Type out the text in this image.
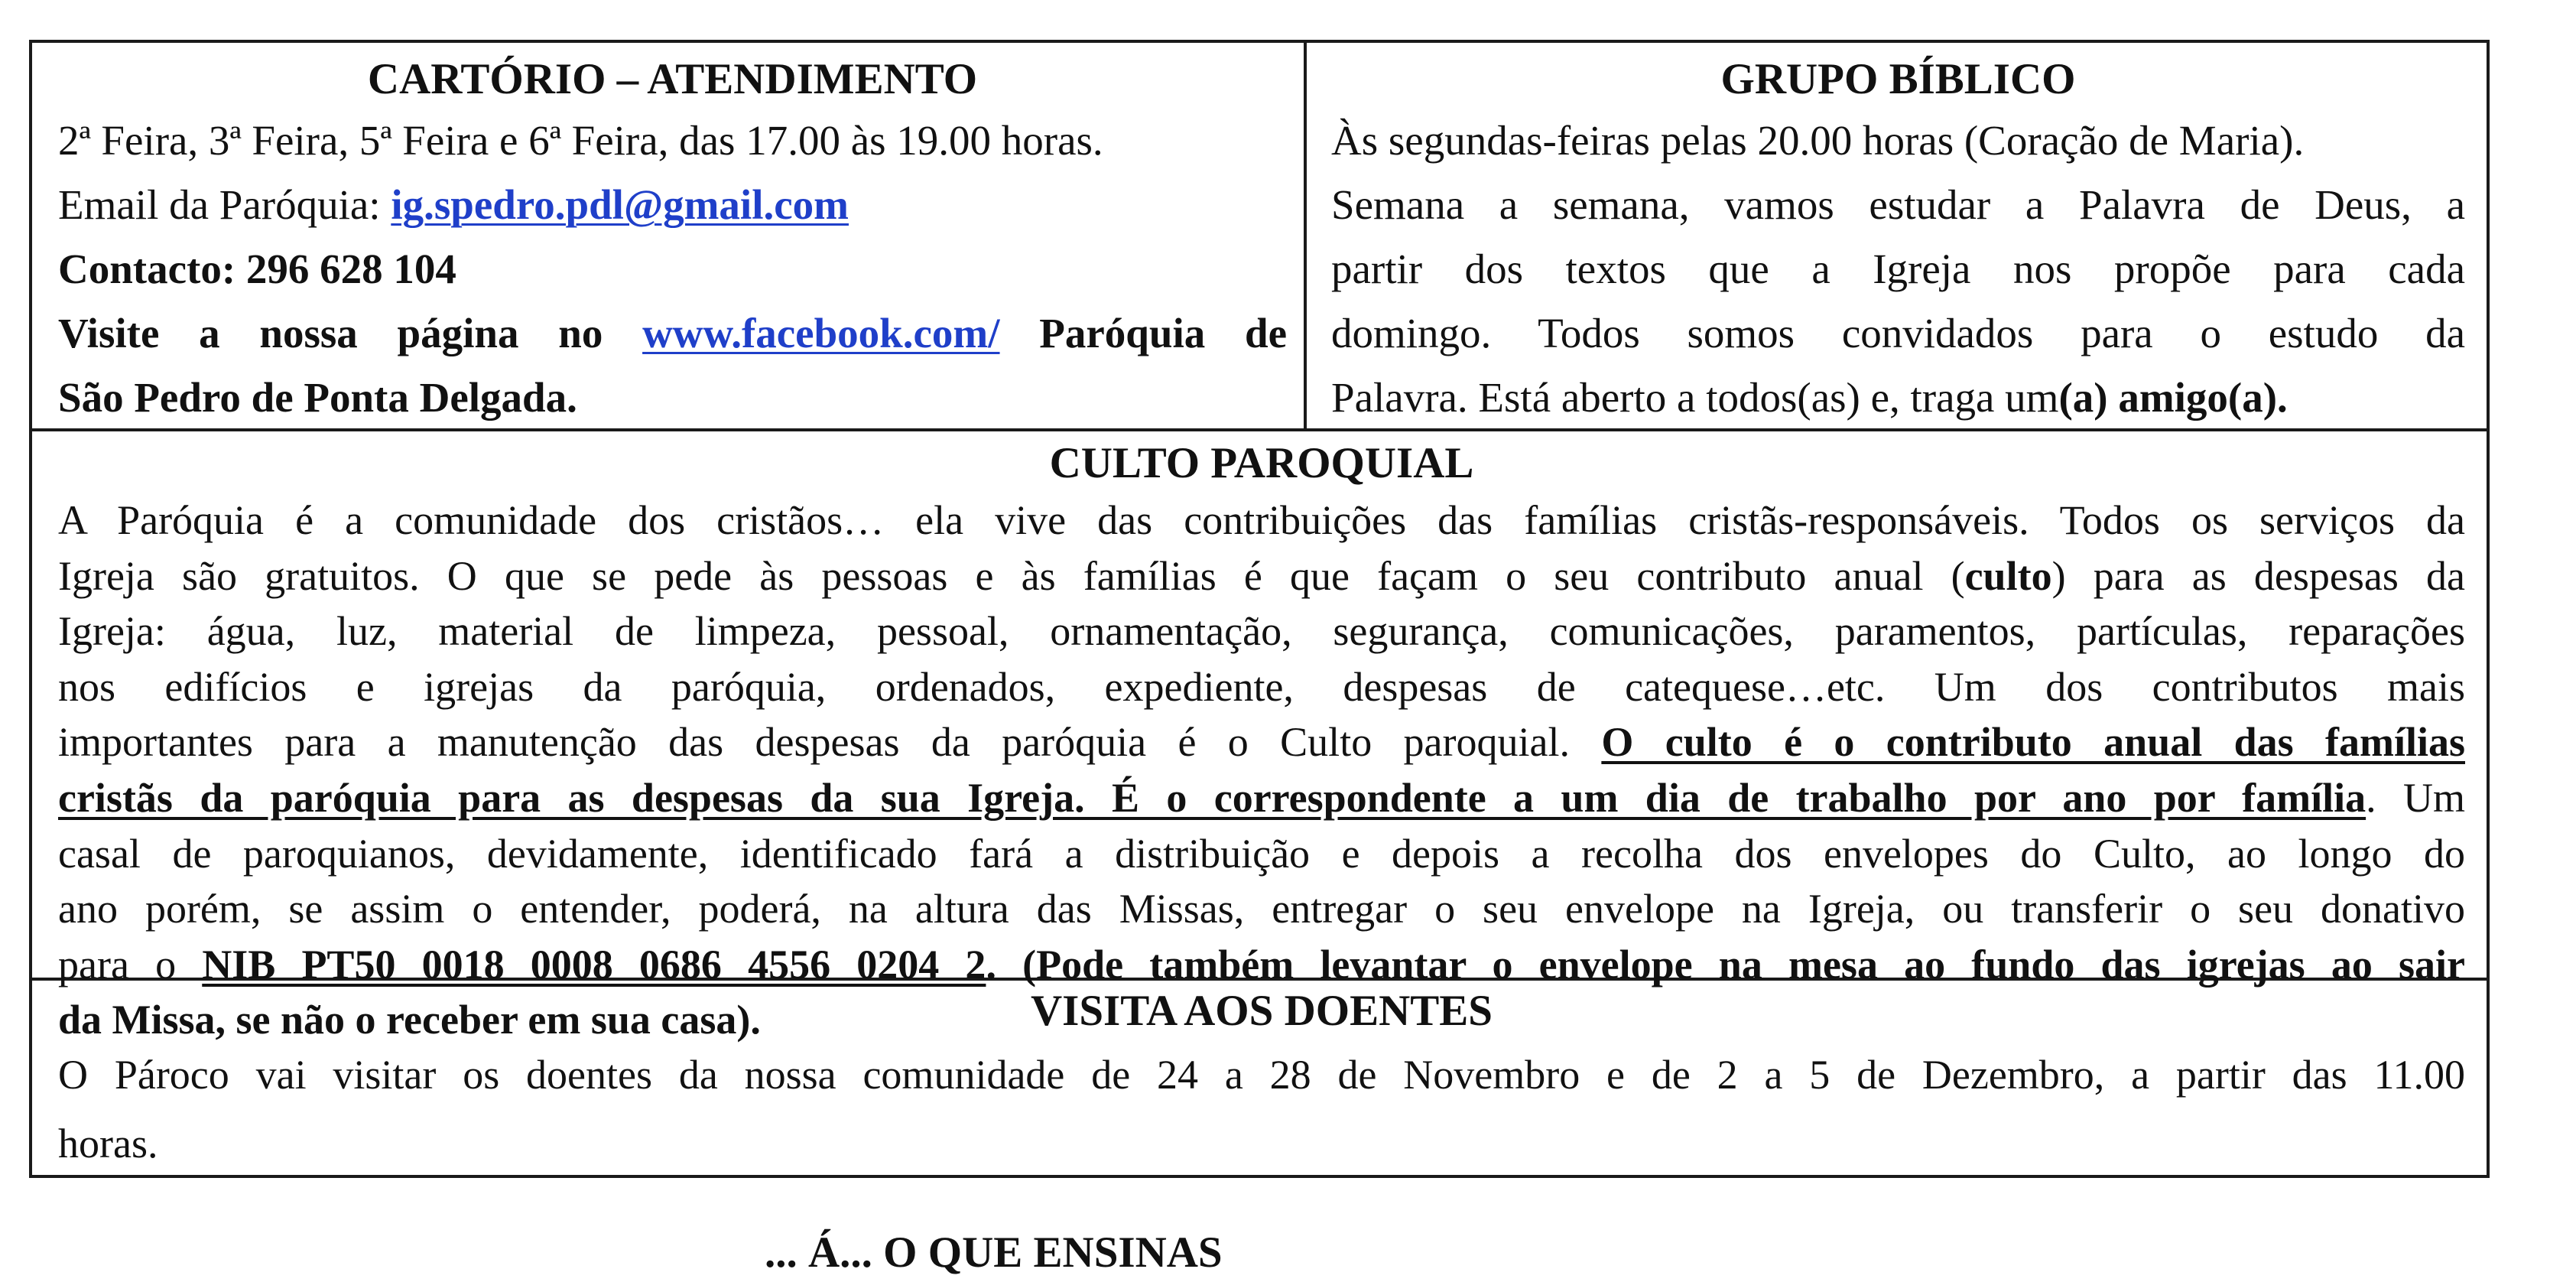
CARTÓRIO – ATENDIMENTO

2ª Feira, 3ª Feira, 5ª Feira e 6ª Feira, das 17.00 às 19.00 horas.

Email da Paróquia: ig.spedro.pdl@gmail.com

Contacto: 296 628 104

Visite a nossa página no www.facebook.com/ Paróquia de

São Pedro de Ponta Delgada.

GRUPO BÍBLICO

Às segundas-feiras pelas 20.00 horas (Coração de Maria).

Semana a semana, vamos estudar a Palavra de Deus, a

partir dos textos que a Igreja nos propõe para cada

domingo. Todos somos convidados para o estudo da

Palavra. Está aberto a todos(as) e, traga um(a) amigo(a).

CULTO PAROQUIAL

A Paróquia é a comunidade dos cristãos… ela vive das contribuições das famílias cristãs-responsáveis. Todos os serviços da

Igreja são gratuitos. O que se pede às pessoas e às famílias é que façam o seu contributo anual (culto) para as despesas da

Igreja: água, luz, material de limpeza, pessoal, ornamentação, segurança, comunicações, paramentos, partículas, reparações

nos edifícios e igrejas da paróquia, ordenados, expediente, despesas de catequese…etc. Um dos contributos mais

importantes para a manutenção das despesas da paróquia é o Culto paroquial. O culto é o contributo anual das famílias

cristãs da paróquia para as despesas da sua Igreja. É o correspondente a um dia de trabalho por ano por família. Um

casal de paroquianos, devidamente, identificado fará a distribuição e depois a recolha dos envelopes do Culto, ao longo do

ano porém, se assim o entender, poderá, na altura das Missas, entregar o seu envelope na Igreja, ou transferir o seu donativo

para o NIB PT50 0018 0008 0686 4556 0204 2. (Pode também levantar o envelope na mesa ao fundo das igrejas ao sair

da Missa, se não o receber em sua casa).	VISITA AOS DOENTES

O Pároco vai visitar os doentes da nossa comunidade de 24 a 28 de Novembro e de 2 a 5 de Dezembro, a partir das 11.00

horas.

... Á... O QUE ENSINAS
